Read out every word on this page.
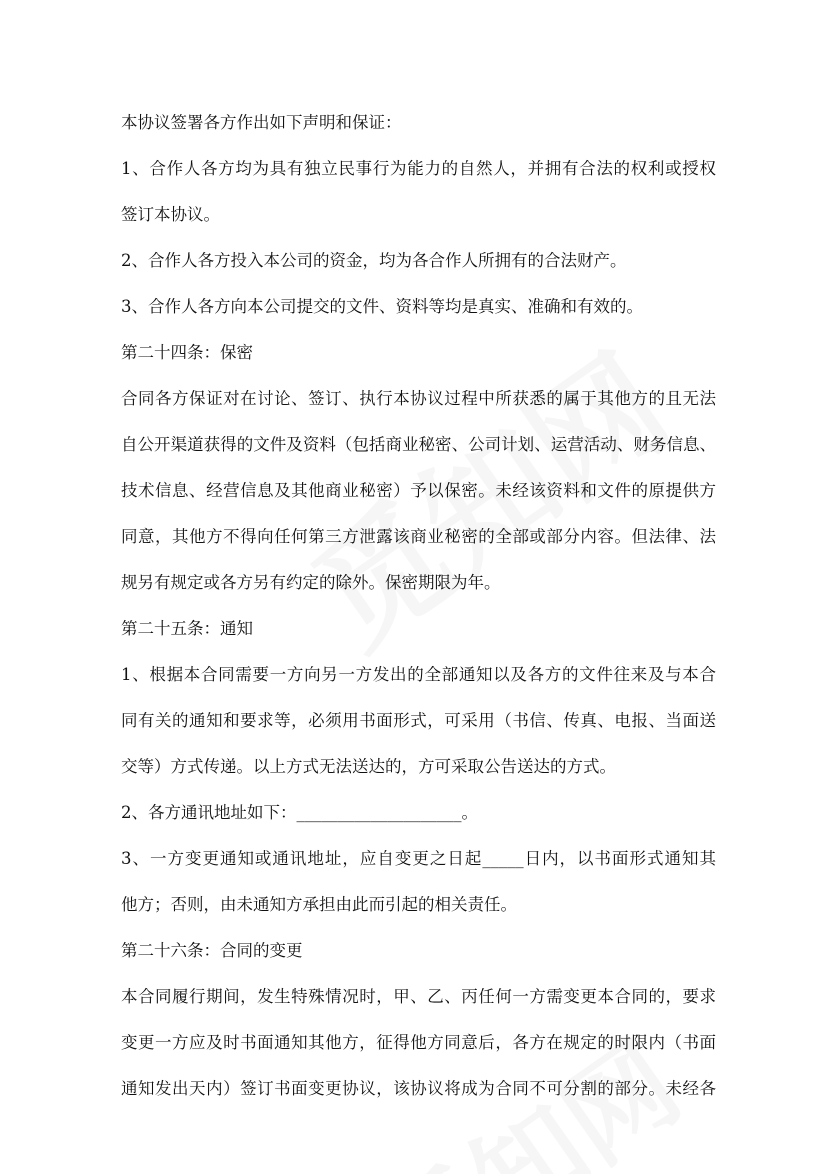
本协议签署各方作出如下声明和保证：
1、合作人各方均为具有独立民事行为能力的自然人，并拥有合法的权利或授权
签订本协议。
2、合作人各方投入本公司的资金，均为各合作人所拥有的合法财产。
3、合作人各方向本公司提交的文件、资料等均是真实、准确和有效的。
第二十四条：保密
合同各方保证对在讨论、签订、执行本协议过程中所获悉的属于其他方的且无法
自公开渠道获得的文件及资料（包括商业秘密、公司计划、运营活动、财务信息、
技术信息、经营信息及其他商业秘密）予以保密。未经该资料和文件的原提供方
同意，其他方不得向任何第三方泄露该商业秘密的全部或部分内容。但法律、法
规另有规定或各方另有约定的除外。保密期限为年。
第二十五条：通知
1、根据本合同需要一方向另一方发出的全部通知以及各方的文件往来及与本合
同有关的通知和要求等，必须用书面形式，可采用（书信、传真、电报、当面送
交等）方式传递。以上方式无法送达的，方可采取公告送达的方式。
2、各方通讯地址如下：____________________。
3、一方变更通知或通讯地址，应自变更之日起_____日内，以书面形式通知其
他方；否则，由未通知方承担由此而引起的相关责任。
第二十六条：合同的变更
本合同履行期间，发生特殊情况时，甲、乙、丙任何一方需变更本合同的，要求
变更一方应及时书面通知其他方，征得他方同意后，各方在规定的时限内（书面
通知发出天内）签订书面变更协议，该协议将成为合同不可分割的部分。未经各
